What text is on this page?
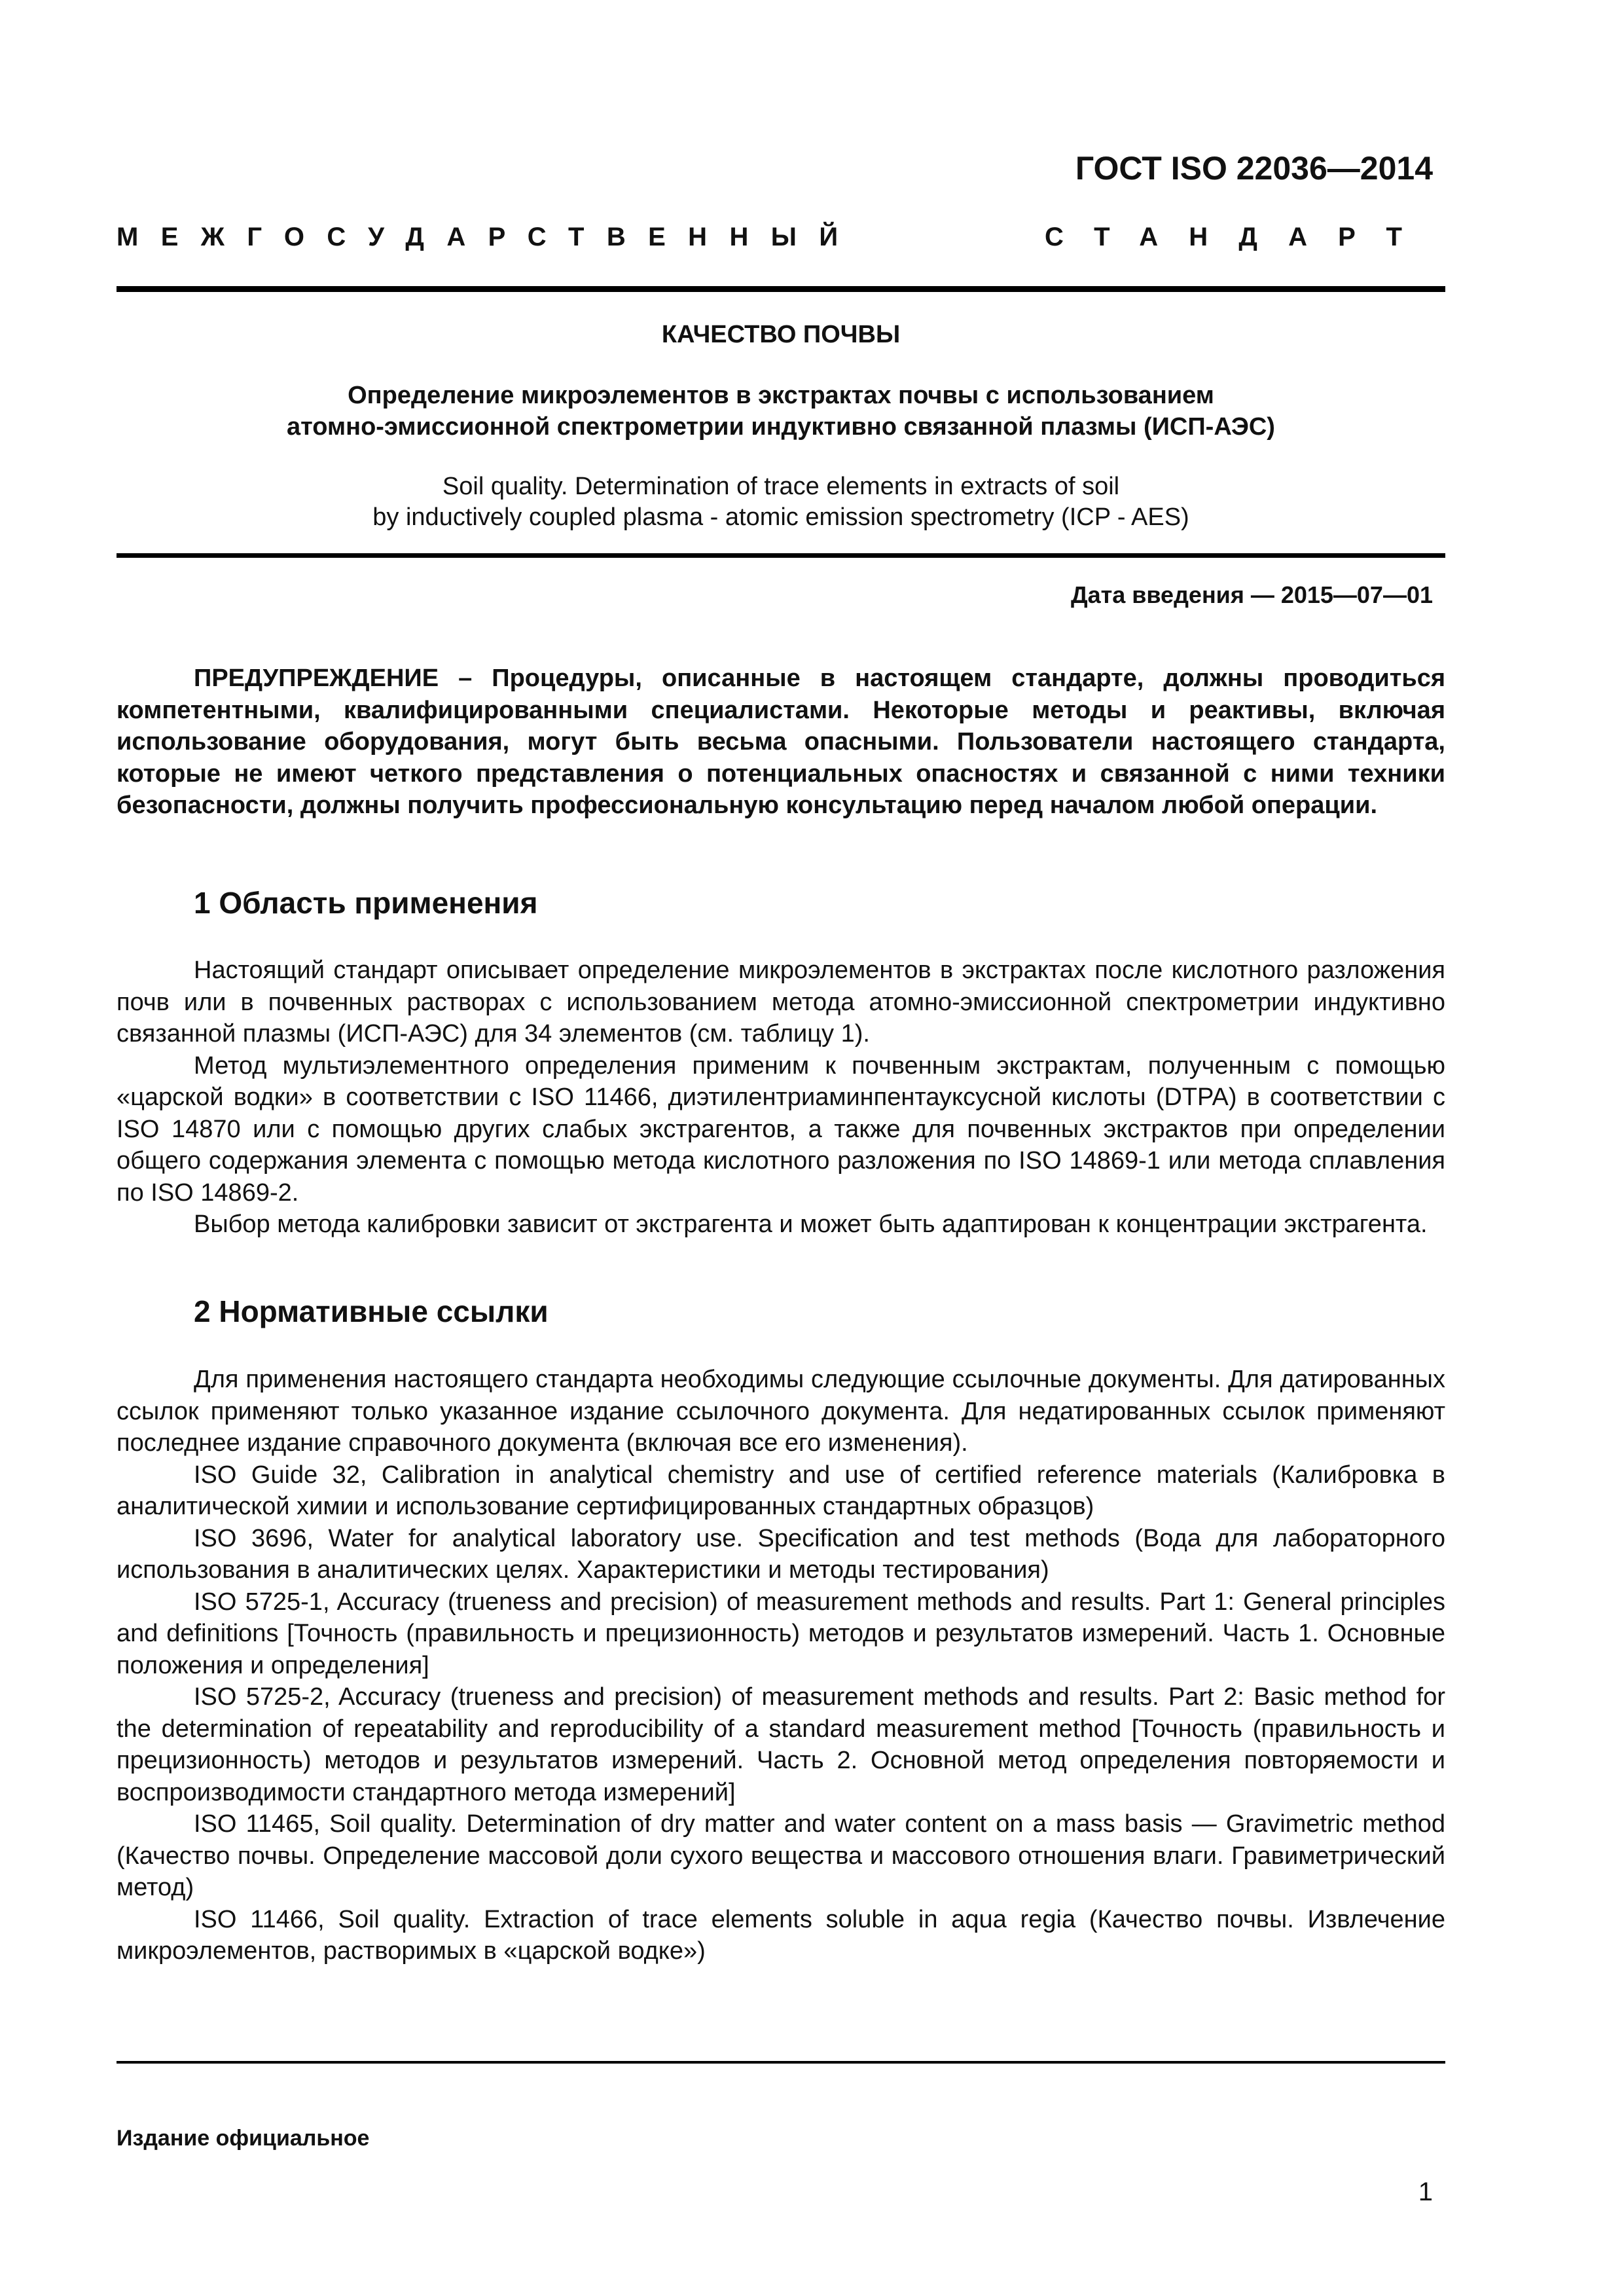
ГОСТ ISO 22036—2014
МЕЖГОСУДАРСТВЕННЫЙ	СТАНДАРТ
КАЧЕСТВО ПОЧВЫ
Определение микроэлементов в экстрактах почвы с использованием
атомно-эмиссионной спектрометрии индуктивно связанной плазмы (ИСП-АЭС)
Soil quality. Determination of trace elements in extracts of soil
by inductively coupled plasma - atomic emission spectrometry (ICP - AES)
Дата введения — 2015—07—01

ПРЕДУПРЕЖДЕНИЕ – Процедуры, описанные в настоящем стандарте, должны проводиться компетентными, квалифицированными специалистами. Некоторые методы и реактивы, включая использование оборудования, могут быть весьма опасными. Пользователи настоящего стандарта, которые не имеют четкого представления о потенциальных опасностях и связанной с ними техники безопасности, должны получить профессиональную консультацию перед началом любой операции.

1 Область применения

Настоящий стандарт описывает определение микроэлементов в экстрактах после кислотного разложения почв или в почвенных растворах с использованием метода атомно-эмиссионной спектрометрии индуктивно связанной плазмы (ИСП-АЭС) для 34 элементов (см. таблицу 1).

Метод мультиэлементного определения применим к почвенным экстрактам, полученным с помощью «царской водки» в соответствии с ISO 11466, диэтилентриаминпентауксусной кислоты (DTPA) в соответствии с ISO 14870 или с помощью других слабых экстрагентов, а также для почвенных экстрактов при определении общего содержания элемента с помощью метода кислотного разложения по ISO 14869-1 или метода сплавления по ISO 14869-2.

Выбор метода калибровки зависит от экстрагента и может быть адаптирован к концентрации экстрагента.

2 Нормативные ссылки

Для применения настоящего стандарта необходимы следующие ссылочные документы. Для датированных ссылок применяют только указанное издание ссылочного документа. Для недатированных ссылок применяют последнее издание справочного документа (включая все его изменения).

ISO Guide 32, Calibration in analytical chemistry and use of certified reference materials (Калибровка в аналитической химии и использование сертифицированных стандартных образцов)

ISO 3696, Water for analytical laboratory use. Specification and test methods (Вода для лабораторного использования в аналитических целях. Характеристики и методы тестирования)

ISO 5725-1, Accuracy (trueness and precision) of measurement methods and results. Part 1: General principles and definitions [Точность (правильность и прецизионность) методов и результатов измерений. Часть 1. Основные положения и определения]

ISO 5725-2, Accuracy (trueness and precision) of measurement methods and results. Part 2: Basic method for the determination of repeatability and reproducibility of a standard measurement method [Точность (правильность и прецизионность) методов и результатов измерений. Часть 2. Основной метод определения повторяемости и воспроизводимости стандартного метода измерений]

ISO 11465, Soil quality. Determination of dry matter and water content on a mass basis — Gravimetric method (Качество почвы. Определение массовой доли сухого вещества и массового отношения влаги. Гравиметрический метод)

ISO 11466, Soil quality. Extraction of trace elements soluble in aqua regia (Качество почвы. Извлечение микроэлементов, растворимых в «царской водке»)

Издание официальное
1
